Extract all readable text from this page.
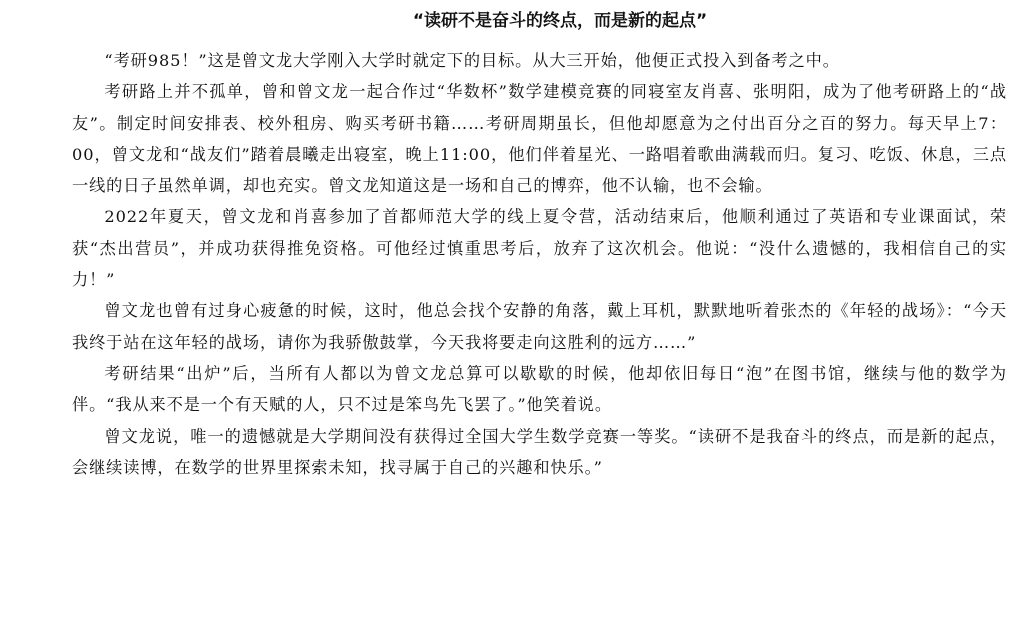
“读研不是奋斗的终点，而是新的起点”

“考研985！”这是曾文龙大学刚入大学时就定下的目标。从大三开始，他便正式投入到备考之中。

考研路上并不孤单，曾和曾文龙一起合作过“华数杯”数学建模竞赛的同寝室友肖喜、张明阳，成为了他考研路上的“战友”。制定时间安排表、校外租房、购买考研书籍……考研周期虽长，但他却愿意为之付出百分之百的努力。每天早上7：00，曾文龙和“战友们”踏着晨曦走出寝室，晚上11:00，他们伴着星光、一路唱着歌曲满载而归。复习、吃饭、休息，三点一线的日子虽然单调，却也充实。曾文龙知道这是一场和自己的博弈，他不认输，也不会输。

2022年夏天，曾文龙和肖喜参加了首都师范大学的线上夏令营，活动结束后，他顺利通过了英语和专业课面试，荣获“杰出营员”，并成功获得推免资格。可他经过慎重思考后，放弃了这次机会。他说：“没什么遗憾的，我相信自己的实力！”

曾文龙也曾有过身心疲惫的时候，这时，他总会找个安静的角落，戴上耳机，默默地听着张杰的《年轻的战场》：“今天我终于站在这年轻的战场，请你为我骄傲鼓掌，今天我将要走向这胜利的远方……”

考研结果“出炉”后，当所有人都以为曾文龙总算可以歇歇的时候，他却依旧每日“泡”在图书馆，继续与他的数学为伴。“我从来不是一个有天赋的人，只不过是笨鸟先飞罢了。”他笑着说。

曾文龙说，唯一的遗憾就是大学期间没有获得过全国大学生数学竞赛一等奖。“读研不是我奋斗的终点，而是新的起点，会继续读博，在数学的世界里探索未知，找寻属于自己的兴趣和快乐。”
